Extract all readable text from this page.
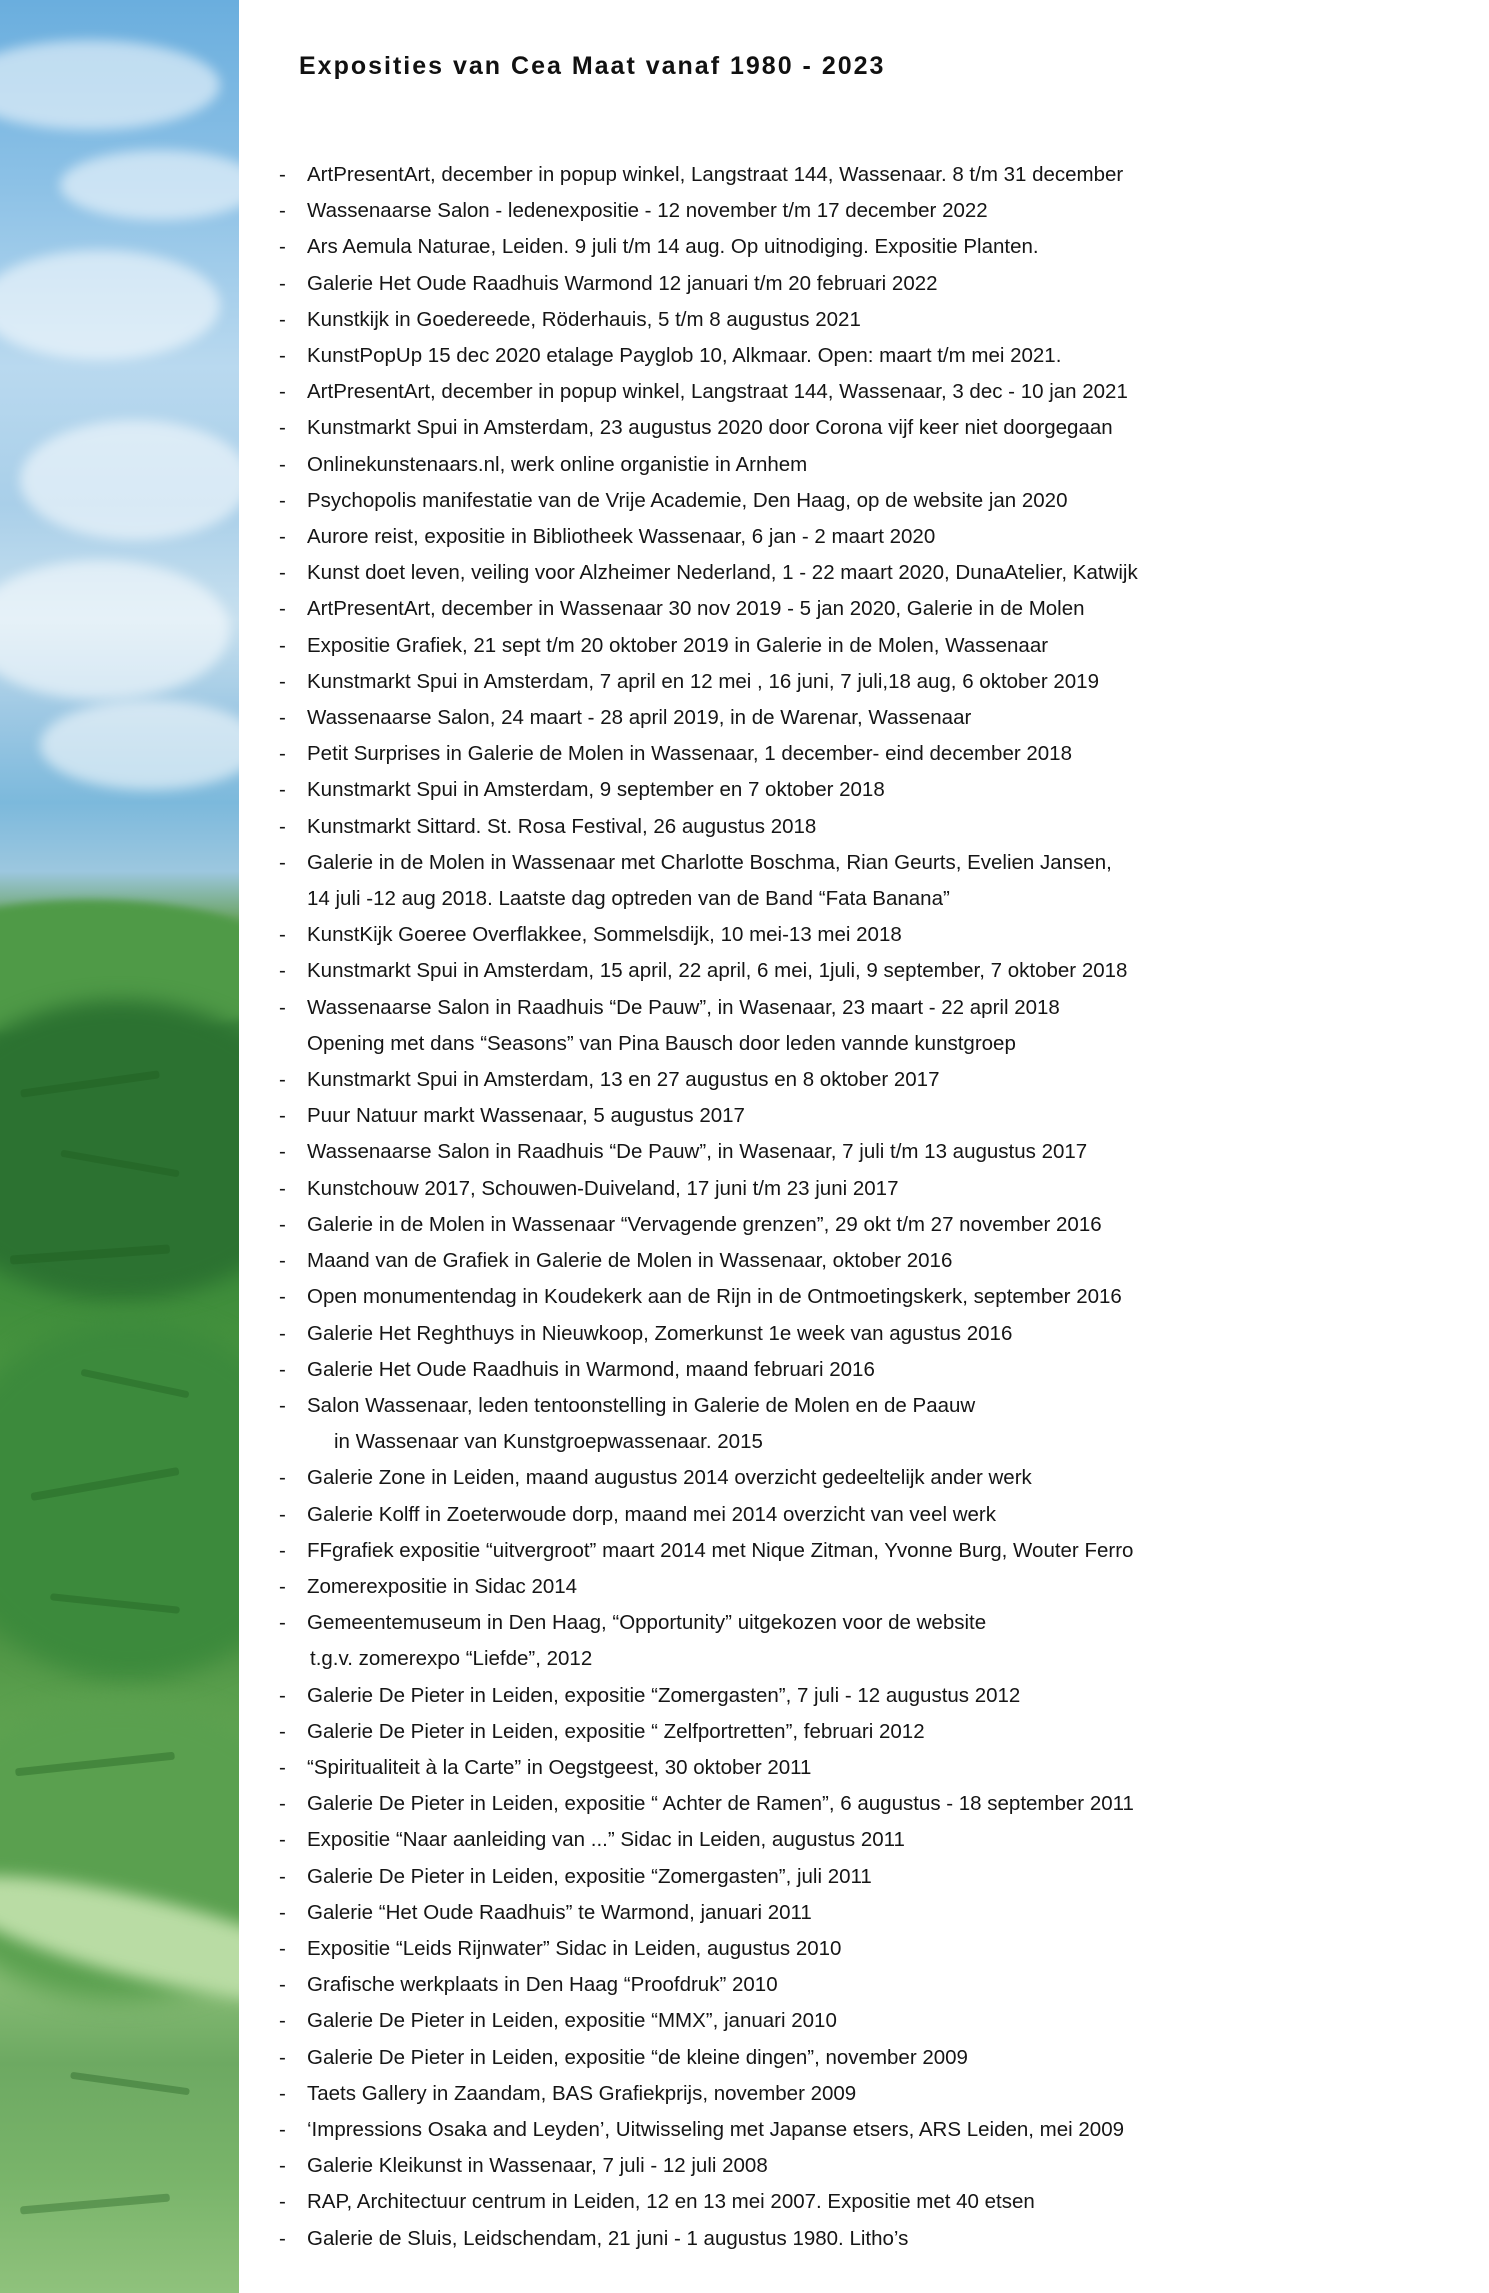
Exposities van Cea Maat vanaf 1980 - 2023
- ArtPresentArt, december in popup winkel, Langstraat 144, Wassenaar. 8 t/m 31 december
- Wassenaarse Salon - ledenexpositie - 12 november t/m 17 december 2022
- Ars Aemula Naturae, Leiden. 9 juli t/m 14 aug. Op uitnodiging. Expositie Planten.
- Galerie Het Oude Raadhuis Warmond 12 januari t/m 20 februari 2022
- Kunstkijk in Goedereede, Röderhauis, 5 t/m 8 augustus 2021
- KunstPopUp 15 dec 2020 etalage Payglob 10, Alkmaar. Open: maart t/m mei 2021.
- ArtPresentArt, december in popup winkel, Langstraat 144, Wassenaar, 3 dec - 10 jan 2021
- Kunstmarkt Spui in Amsterdam, 23 augustus 2020 door Corona vijf keer niet doorgegaan
- Onlinekunstenaars.nl, werk online organistie in Arnhem
- Psychopolis manifestatie van de Vrije Academie, Den Haag, op de website jan 2020
- Aurore reist, expositie in Bibliotheek Wassenaar, 6 jan - 2 maart 2020
- Kunst doet leven, veiling voor Alzheimer Nederland, 1 - 22 maart 2020, DunaAtelier, Katwijk
- ArtPresentArt, december in Wassenaar 30 nov 2019 - 5 jan 2020, Galerie in de Molen
- Expositie Grafiek, 21 sept t/m 20 oktober 2019 in Galerie in de Molen, Wassenaar
- Kunstmarkt Spui in Amsterdam, 7 april en 12 mei , 16 juni, 7 juli,18 aug, 6 oktober 2019
- Wassenaarse Salon, 24 maart - 28 april 2019, in de Warenar, Wassenaar
- Petit Surprises in Galerie de Molen in Wassenaar, 1 december- eind december 2018
- Kunstmarkt Spui in Amsterdam, 9 september en 7 oktober 2018
- Kunstmarkt Sittard. St. Rosa Festival, 26 augustus 2018
- Galerie in de Molen in Wassenaar met Charlotte Boschma, Rian Geurts, Evelien Jansen,
14 juli -12 aug 2018. Laatste dag optreden van de Band “Fata Banana”
- KunstKijk Goeree Overflakkee, Sommelsdijk, 10 mei-13 mei 2018
- Kunstmarkt Spui in Amsterdam, 15 april, 22 april, 6 mei, 1juli, 9 september, 7 oktober 2018
- Wassenaarse Salon in Raadhuis “De Pauw”, in Wasenaar, 23 maart - 22 april 2018
Opening met dans “Seasons” van Pina Bausch door leden vannde kunstgroep
- Kunstmarkt Spui in Amsterdam, 13 en 27 augustus en 8 oktober 2017
- Puur Natuur markt Wassenaar, 5 augustus 2017
- Wassenaarse Salon in Raadhuis “De Pauw”, in Wasenaar, 7 juli t/m 13 augustus 2017
- Kunstchouw 2017, Schouwen-Duiveland, 17 juni t/m 23 juni 2017
- Galerie in de Molen in Wassenaar “Vervagende grenzen”, 29 okt t/m 27 november 2016
- Maand van de Grafiek in Galerie de Molen in Wassenaar, oktober 2016
- Open monumentendag in Koudekerk aan de Rijn in de Ontmoetingskerk, september 2016
- Galerie Het Reghthuys in Nieuwkoop, Zomerkunst 1e week van agustus 2016
- Galerie Het Oude Raadhuis in Warmond, maand februari 2016
- Salon Wassenaar, leden tentoonstelling in Galerie de Molen en de Paauw
in Wassenaar van Kunstgroepwassenaar. 2015
- Galerie Zone in Leiden, maand augustus 2014 overzicht gedeeltelijk ander werk
- Galerie Kolff in Zoeterwoude dorp, maand mei 2014 overzicht van veel werk
- FFgrafiek expositie “uitvergroot” maart 2014 met Nique Zitman, Yvonne Burg, Wouter Ferro
- Zomerexpositie in Sidac 2014
- Gemeentemuseum in Den Haag, “Opportunity” uitgekozen voor de website
t.g.v. zomerexpo “Liefde”, 2012
- Galerie De Pieter in Leiden, expositie “Zomergasten”, 7 juli - 12 augustus 2012
- Galerie De Pieter in Leiden, expositie “ Zelfportretten”, februari 2012
- “Spiritualiteit à la Carte” in Oegstgeest, 30 oktober 2011
- Galerie De Pieter in Leiden, expositie “ Achter de Ramen”, 6 augustus - 18 september 2011
- Expositie “Naar aanleiding van ...” Sidac in Leiden, augustus 2011
- Galerie De Pieter in Leiden, expositie “Zomergasten”, juli 2011
- Galerie “Het Oude Raadhuis” te Warmond, januari 2011
- Expositie “Leids Rijnwater” Sidac in Leiden, augustus 2010
- Grafische werkplaats in Den Haag “Proofdruk” 2010
- Galerie De Pieter in Leiden, expositie “MMX”, januari 2010
- Galerie De Pieter in Leiden, expositie “de kleine dingen”, november 2009
- Taets Gallery in Zaandam, BAS Grafiekprijs, november 2009
- ‘Impressions Osaka and Leyden’, Uitwisseling met Japanse etsers, ARS Leiden, mei 2009
- Galerie Kleikunst in Wassenaar, 7 juli - 12 juli 2008
- RAP, Architectuur centrum in Leiden, 12 en 13 mei 2007. Expositie met 40 etsen
- Galerie de Sluis, Leidschendam, 21 juni - 1 augustus 1980. Litho’s
